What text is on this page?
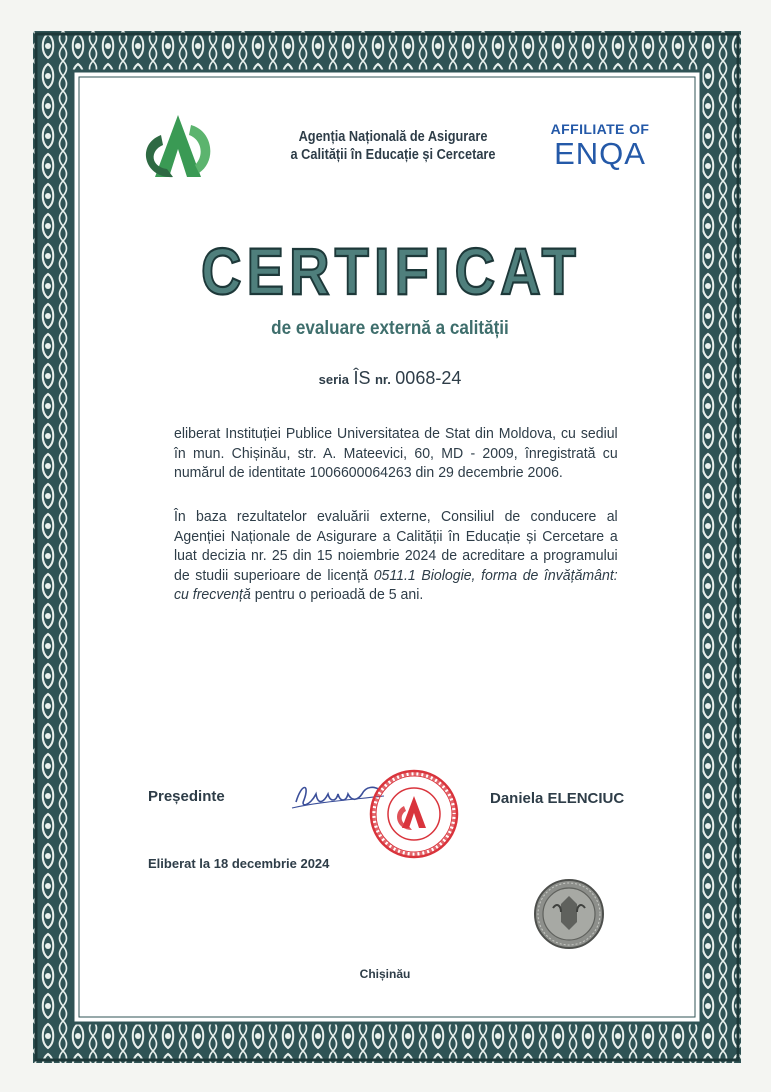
Agenția Națională de Asigurare
a Calității în Educație și Cercetare
AFFILIATE OF
ENQA
CERTIFICAT
de evaluare externă a calității
seria ÎS nr. 0068-24
eliberat Instituției Publice Universitatea de Stat din Moldova, cu sediul în mun. Chișinău, str. A. Mateevici, 60, MD - 2009, înregistrată cu numărul de identitate 1006600064263 din 29 decembrie 2006.
În baza rezultatelor evaluării externe, Consiliul de conducere al Agenției Naționale de Asigurare a Calității în Educație și Cercetare a luat decizia nr. 25 din 15 noiembrie 2024 de acreditare a programului de studii superioare de licență 0511.1 Biologie, forma de învățământ: cu frecvență pentru o perioadă de 5 ani.
Președinte	Daniela ELENCIUC
Eliberat la 18 decembrie 2024
Chișinău
